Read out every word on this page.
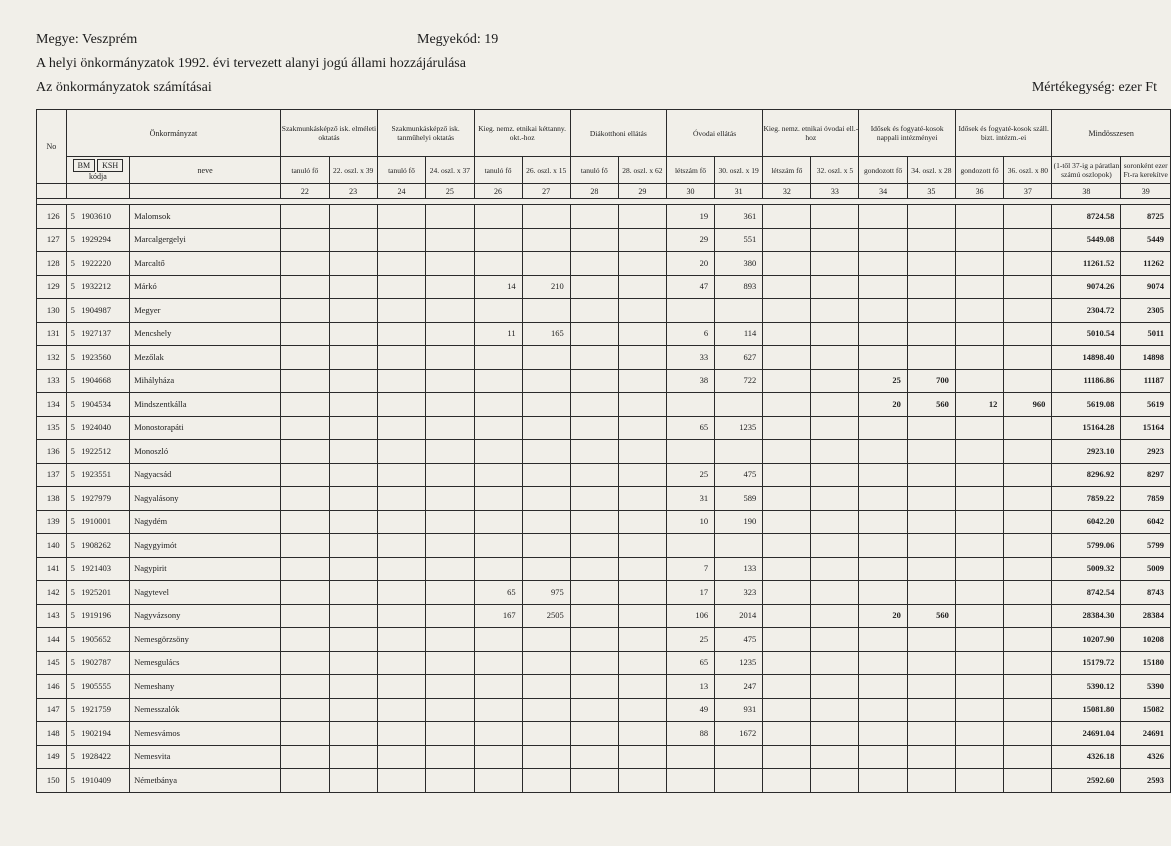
Megye: Veszprém	Megyekód: 19
A helyi önkormányzatok 1992. évi tervezett alanyi jogú állami hozzájárulása
Az önkormányzatok számításai	Mértékegység: ezer Ft
No	Önkormányzat		Szakmunkásképző isk. elméleti oktatás		Szakmunkásképző isk. tanműhelyi oktatás		Kieg. nemz. etnikai kéttanny. okt.-hoz		Diákotthoni ellátás		Óvodai ellátás		Kieg. nemz. etnikai óvodai ell.-hoz		Idősek és fogyaté-kosok nappali intézményei		Idősek és fogyaté-kosok száll. bizt. intézm.-ei		Mindösszesen	
	BM KSH
kódja	neve	tanuló fő	22. oszl. x 39	tanuló fő	24. oszl. x 37	tanuló fő	26. oszl. x 15	tanuló fő	28. oszl. x 62	létszám fő	30. oszl. x 19	létszám fő	32. oszl. x 5	gondozott fő	34. oszl. x 28	gondozott fő	36. oszl. x 80	(1-től 37-ig a páratlan számú oszlopok)	soronként ezer Ft-ra kerekítve
			22	23	24	25	26	27	28	29	30	31	32	33	34	35	36	37	38	39

126	5 1903610	Malomsok									19	361							8724.58	8725
127	5 1929294	Marcalgergelyi									29	551							5449.08	5449
128	5 1922220	Marcaltő									20	380							11261.52	11262
129	5 1932212	Márkó					14	210			47	893							9074.26	9074
130	5 1904987	Megyer																	2304.72	2305
131	5 1927137	Mencshely					11	165			6	114							5010.54	5011
132	5 1923560	Mezőlak									33	627							14898.40	14898
133	5 1904668	Mihályháza									38	722			25	700			11186.86	11187
134	5 1904534	Mindszentkálla													20	560	12	960	5619.08	5619
135	5 1924040	Monostorapáti									65	1235							15164.28	15164
136	5 1922512	Monoszló																	2923.10	2923
137	5 1923551	Nagyacsád									25	475							8296.92	8297
138	5 1927979	Nagyalásony									31	589							7859.22	7859
139	5 1910001	Nagydém									10	190							6042.20	6042
140	5 1908262	Nagygyimót																	5799.06	5799
141	5 1921403	Nagypirit									7	133							5009.32	5009
142	5 1925201	Nagytevel					65	975			17	323							8742.54	8743
143	5 1919196	Nagyvázsony					167	2505			106	2014			20	560			28384.30	28384
144	5 1905652	Nemesgörzsöny									25	475							10207.90	10208
145	5 1902787	Nemesgulács									65	1235							15179.72	15180
146	5 1905555	Nemeshany									13	247							5390.12	5390
147	5 1921759	Nemesszalók									49	931							15081.80	15082
148	5 1902194	Nemesvámos									88	1672							24691.04	24691
149	5 1928422	Nemesvita																	4326.18	4326
150	5 1910409	Németbánya																	2592.60	2593
